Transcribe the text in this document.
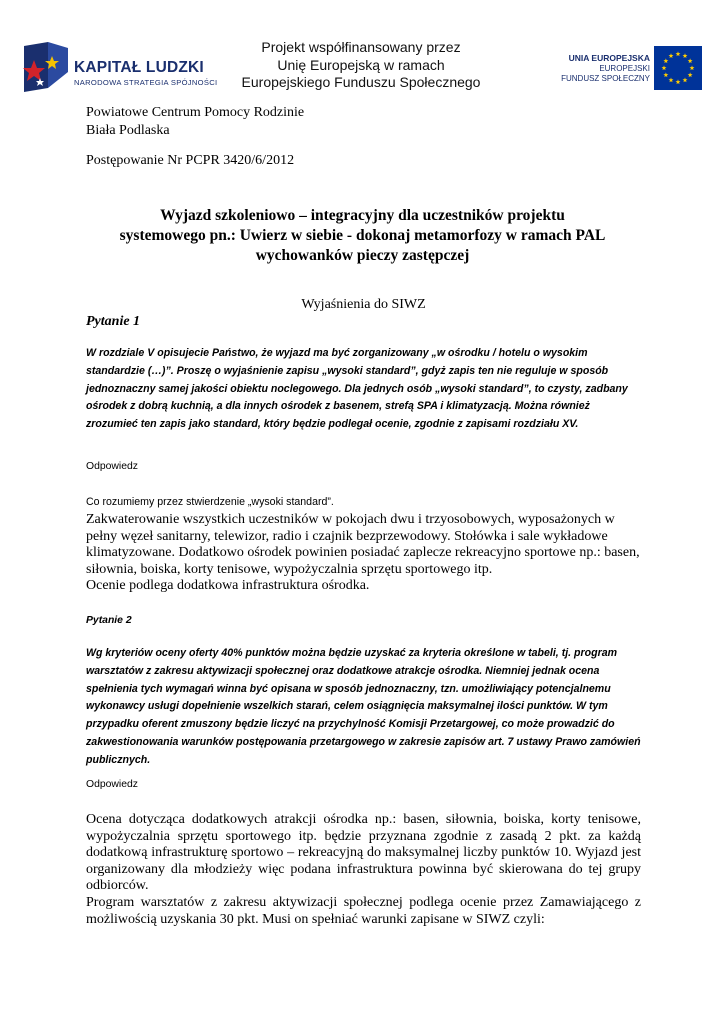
KAPITAŁ LUDZKI
NARODOWA STRATEGIA SPÓJNOŚCI
Projekt współfinansowany przez
Unię Europejską w ramach
Europejskiego Funduszu Społecznego
UNIA EUROPEJSKA
EUROPEJSKI
FUNDUSZ SPOŁECZNY
Powiatowe Centrum Pomocy Rodzinie
Biała Podlaska
Postępowanie Nr PCPR 3420/6/2012
Wyjazd szkoleniowo – integracyjny dla uczestników projektu
systemowego pn.: Uwierz w siebie - dokonaj metamorfozy w ramach PAL
wychowanków pieczy zastępczej
Wyjaśnienia do SIWZ
Pytanie 1
W rozdziale V opisujecie Państwo, że wyjazd ma być zorganizowany „w ośrodku / hotelu o wysokim standardzie (…)”. Proszę o wyjaśnienie zapisu „wysoki standard”, gdyż zapis ten nie reguluje w sposób jednoznaczny samej jakości obiektu noclegowego. Dla jednych osób „wysoki standard”, to czysty, zadbany ośrodek z dobrą kuchnią, a dla innych ośrodek z basenem, strefą SPA i klimatyzacją. Można również zrozumieć ten zapis jako standard, który będzie podlegał ocenie, zgodnie z zapisami rozdziału XV.
Odpowiedz
Co rozumiemy przez stwierdzenie „wysoki standard”.
Zakwaterowanie wszystkich uczestników w pokojach dwu i trzyosobowych, wyposażonych w pełny węzeł sanitarny, telewizor, radio i czajnik bezprzewodowy. Stołówka i sale wykładowe klimatyzowane. Dodatkowo ośrodek powinien posiadać zaplecze rekreacyjno sportowe np.: basen, siłownia, boiska, korty tenisowe, wypożyczalnia sprzętu sportowego itp.
Ocenie podlega dodatkowa infrastruktura ośrodka.
Pytanie 2
Wg kryteriów oceny oferty 40% punktów można będzie uzyskać za kryteria określone w tabeli, tj. program warsztatów z zakresu aktywizacji społecznej oraz dodatkowe atrakcje ośrodka. Niemniej jednak ocena spełnienia tych wymagań winna być opisana w sposób jednoznaczny, tzn. umożliwiający potencjalnemu wykonawcy usługi dopełnienie wszelkich starań, celem osiągnięcia maksymalnej ilości punktów. W tym przypadku oferent zmuszony będzie liczyć na przychylność Komisji Przetargowej, co może prowadzić do zakwestionowania warunków postępowania przetargowego w zakresie zapisów art. 7 ustawy Prawo zamówień publicznych.
Odpowiedz
Ocena dotycząca dodatkowych atrakcji ośrodka np.: basen, siłownia, boiska, korty tenisowe, wypożyczalnia sprzętu sportowego itp. będzie przyznana zgodnie z zasadą 2 pkt. za każdą dodatkową infrastrukturę sportowo – rekreacyjną do maksymalnej liczby punktów 10. Wyjazd jest organizowany dla młodzieży więc podana infrastruktura powinna być skierowana do tej grupy odbiorców.
Program warsztatów z zakresu aktywizacji społecznej podlega ocenie przez Zamawiającego z możliwością uzyskania 30 pkt. Musi on spełniać warunki zapisane w SIWZ czyli:
